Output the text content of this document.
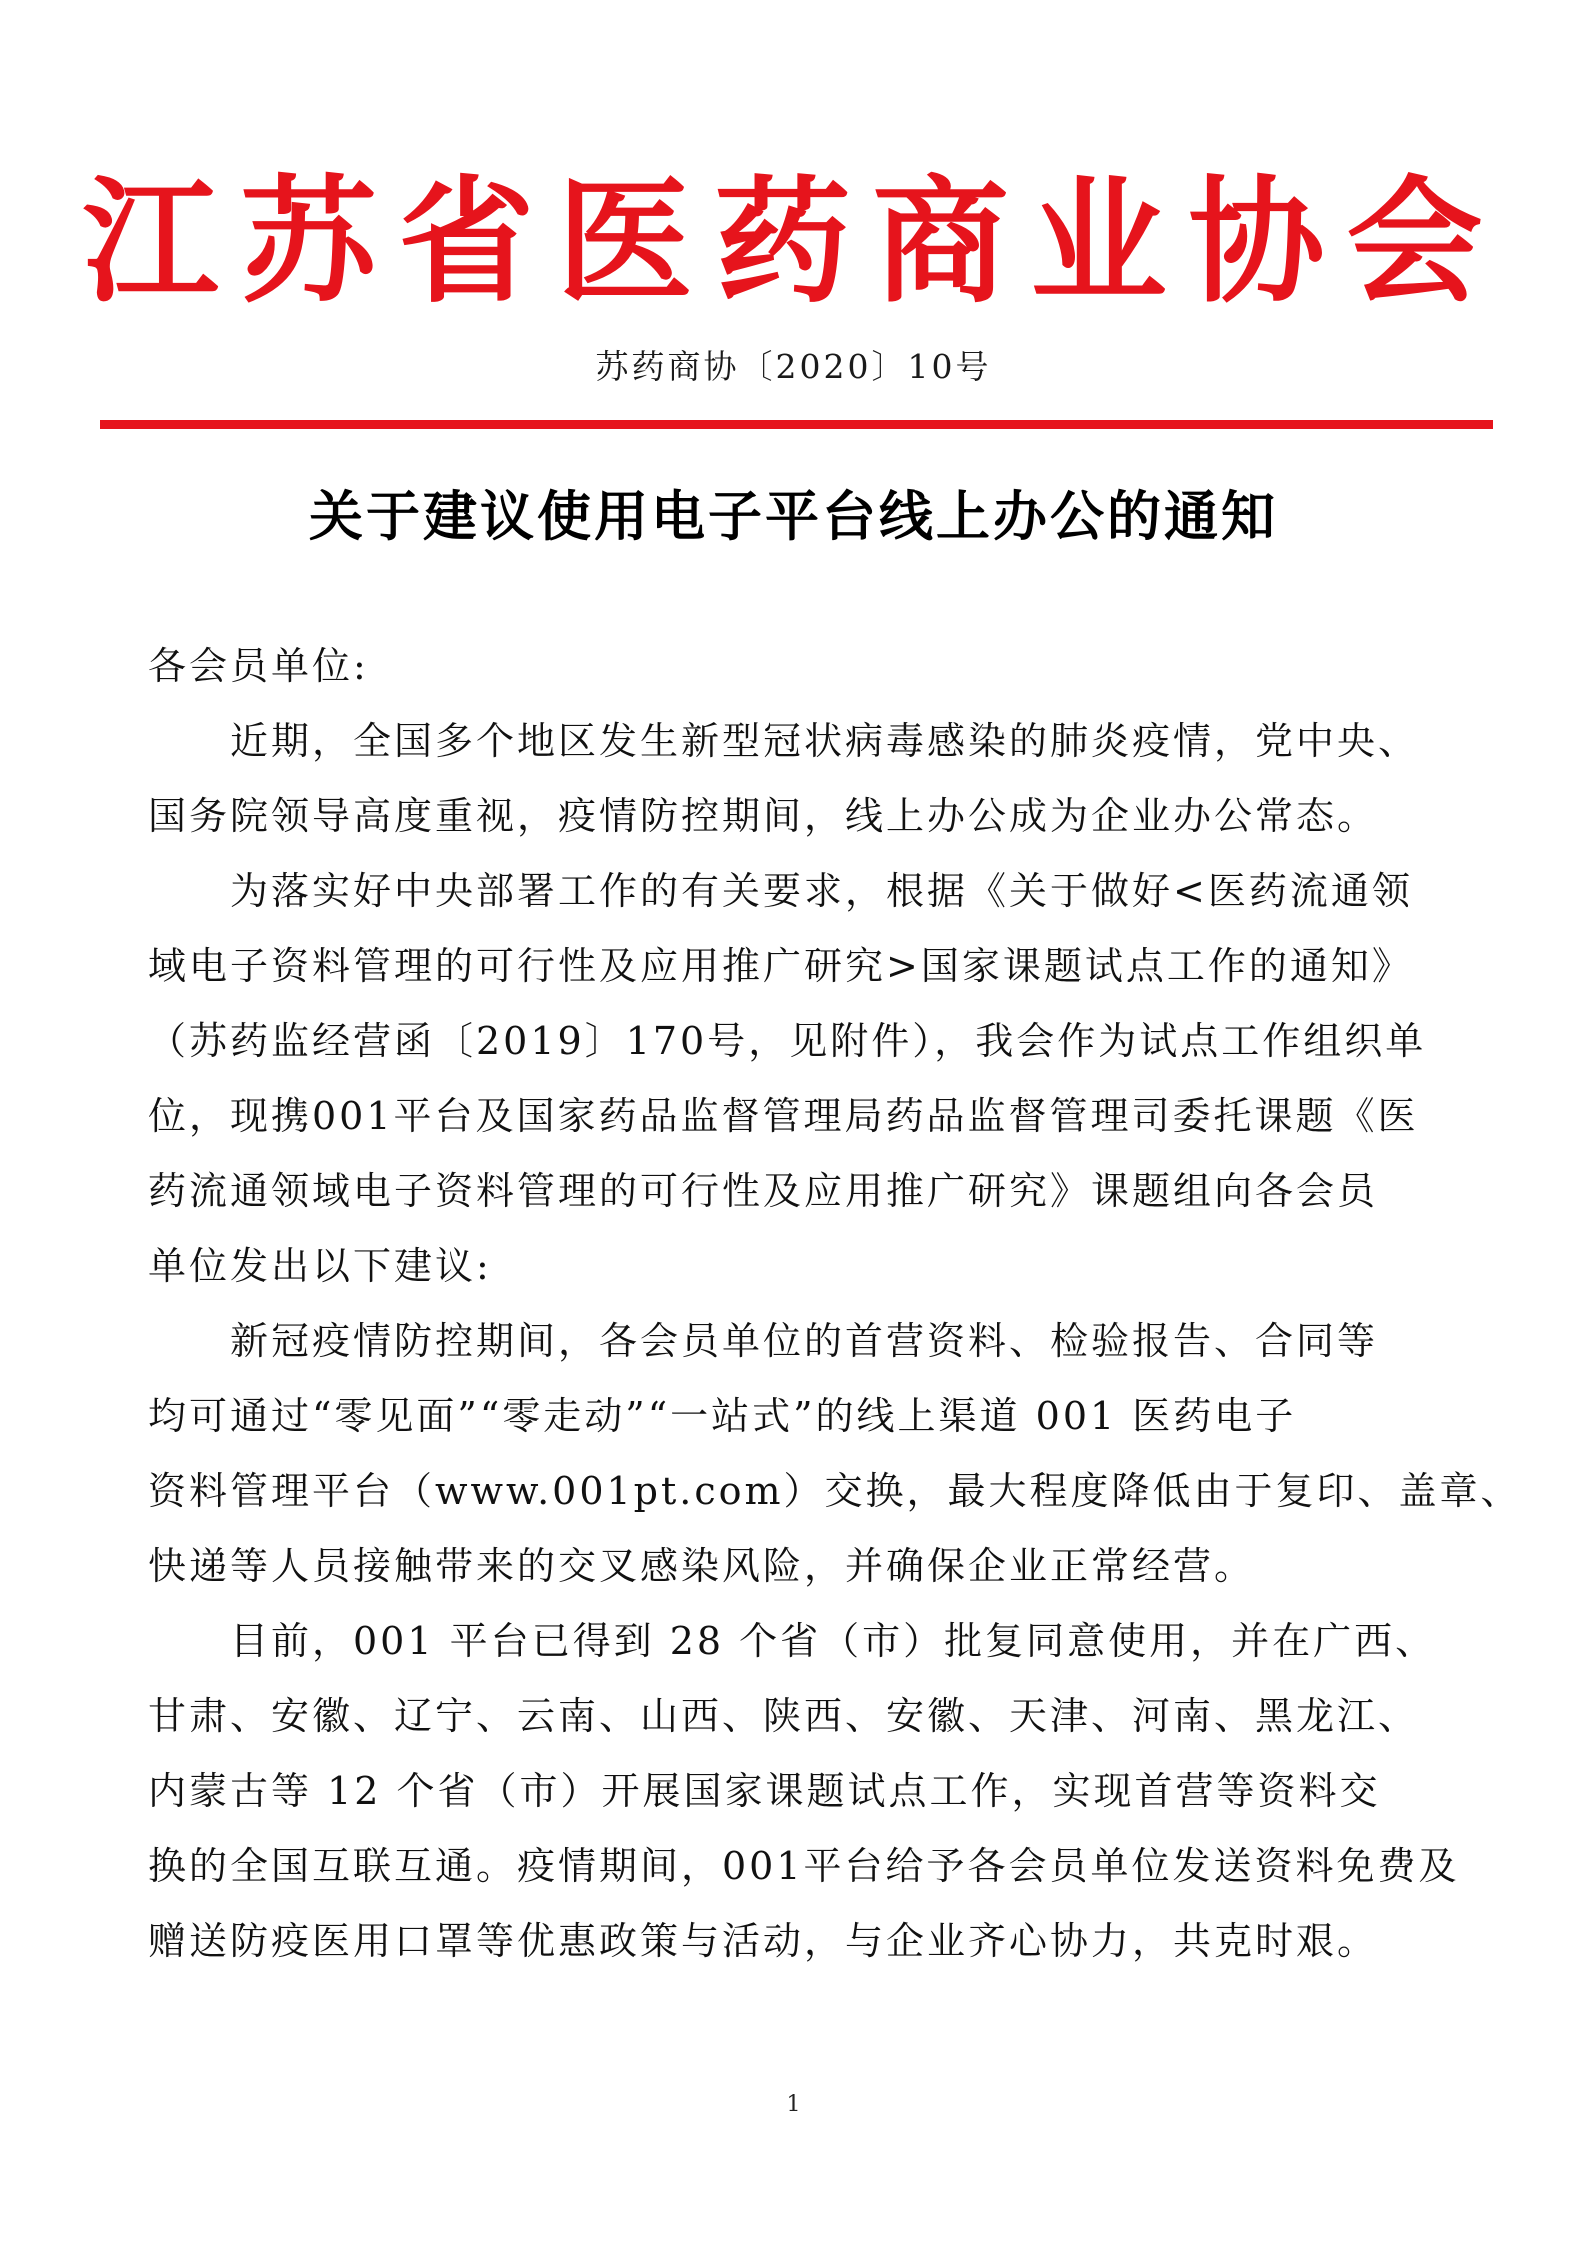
江苏省医药商业协会
苏药商协〔2020〕10号
关于建议使用电子平台线上办公的通知
各会员单位:
　　近期，全国多个地区发生新型冠状病毒感染的肺炎疫情，党中央、
国务院领导高度重视，疫情防控期间，线上办公成为企业办公常态。
　　为落实好中央部署工作的有关要求，根据《关于做好<医药流通领
域电子资料管理的可行性及应用推广研究>国家课题试点工作的通知》
（苏药监经营函〔2019〕170号，见附件），我会作为试点工作组织单
位，现携001平台及国家药品监督管理局药品监督管理司委托课题《医
药流通领域电子资料管理的可行性及应用推广研究》课题组向各会员
单位发出以下建议:
　　新冠疫情防控期间，各会员单位的首营资料、检验报告、合同等
均可通过“零见面”“零走动”“一站式”的线上渠道 001 医药电子
资料管理平台（www.001pt.com）交换，最大程度降低由于复印、盖章、
快递等人员接触带来的交叉感染风险，并确保企业正常经营。
　　目前，001 平台已得到 28 个省（市）批复同意使用，并在广西、
甘肃、安徽、辽宁、云南、山西、陕西、安徽、天津、河南、黑龙江、
内蒙古等 12 个省（市）开展国家课题试点工作，实现首营等资料交
换的全国互联互通。疫情期间，001平台给予各会员单位发送资料免费及
赠送防疫医用口罩等优惠政策与活动，与企业齐心协力，共克时艰。
1
